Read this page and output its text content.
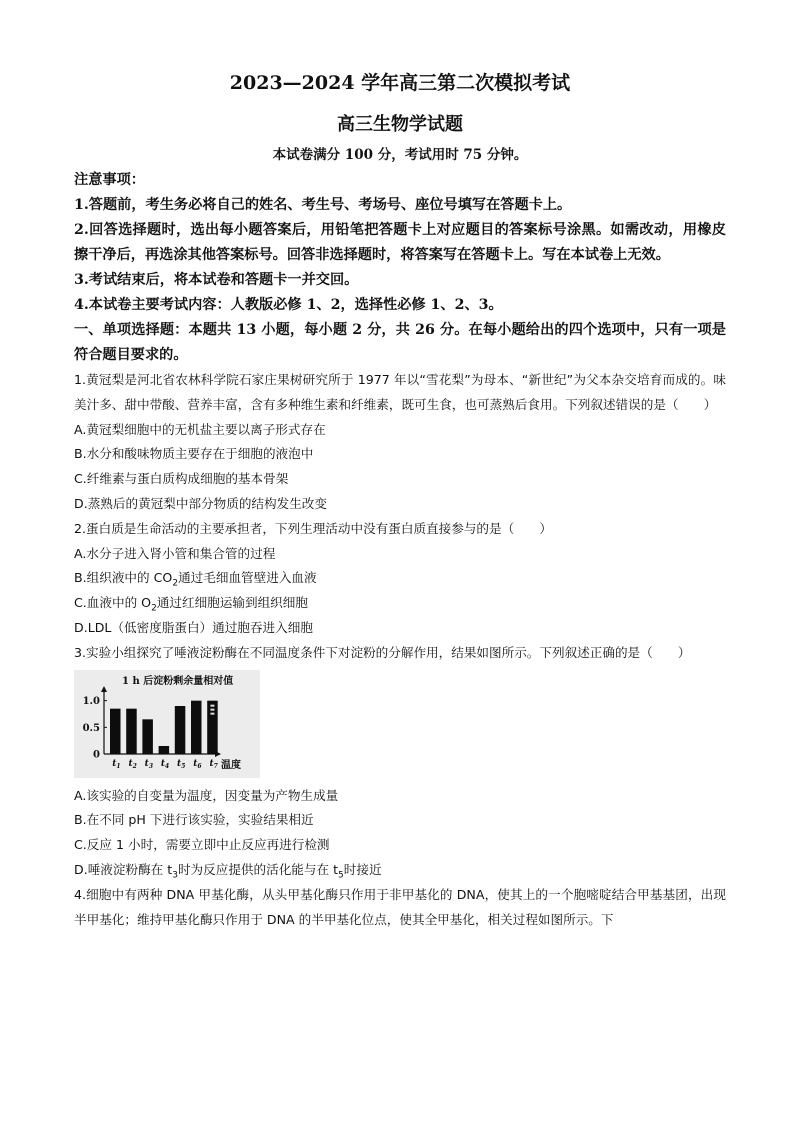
2023—2024 学年高三第二次模拟考试
高三生物学试题
本试卷满分 100 分，考试用时 75 分钟。
注意事项：
1.答题前，考生务必将自己的姓名、考生号、考场号、座位号填写在答题卡上。
2.回答选择题时，选出每小题答案后，用铅笔把答题卡上对应题目的答案标号涂黑。如需改动，用橡皮擦干净后，再选涂其他答案标号。回答非选择题时，将答案写在答题卡上。写在本试卷上无效。
3.考试结束后，将本试卷和答题卡一并交回。
4.本试卷主要考试内容：人教版必修 1、2，选择性必修 1、2、3。
一、单项选择题：本题共 13 小题，每小题 2 分，共 26 分。在每小题给出的四个选项中，只有一项是符合题目要求的。
1.黄冠梨是河北省农林科学院石家庄果树研究所于 1977 年以“雪花梨”为母本、“新世纪”为父本杂交培育而成的。味美汁多、甜中带酸、营养丰富，含有多种维生素和纤维素，既可生食，也可蒸熟后食用。下列叙述错误的是（　　）
A.黄冠梨细胞中的无机盐主要以离子形式存在
B.水分和酸味物质主要存在于细胞的液泡中
C.纤维素与蛋白质构成细胞的基本骨架
D.蒸熟后的黄冠梨中部分物质的结构发生改变
2.蛋白质是生命活动的主要承担者，下列生理活动中没有蛋白质直接参与的是（　　）
A.水分子进入肾小管和集合管的过程
B.组织液中的 $CO_2$通过毛细血管壁进入血液
C.血液中的 $O_2$通过红细胞运输到组织细胞
D.LDL（低密度脂蛋白）通过胞吞进入细胞
3.实验小组探究了唾液淀粉酶在不同温度条件下对淀粉的分解作用，结果如图所示。下列叙述正确的是（　　）
1 h 后淀粉剩余量相对值
0
0.5
1.0
$t_1$ $t_2$ $t_3$ $t_4$ $t_5$ $t_6$ $t_7$ 温度
A.该实验的自变量为温度，因变量为产物生成量
B.在不同 pH 下进行该实验，实验结果相近
C.反应 1 小时，需要立即中止反应再进行检测
D.唾液淀粉酶在 $t_3$时为反应提供的活化能与在 $t_5$时接近
4.细胞中有两种 DNA 甲基化酶，从头甲基化酶只作用于非甲基化的 DNA，使其上的一个胞嘧啶结合甲基基团，出现半甲基化；维持甲基化酶只作用于 DNA 的半甲基化位点，使其全甲基化，相关过程如图所示。下
